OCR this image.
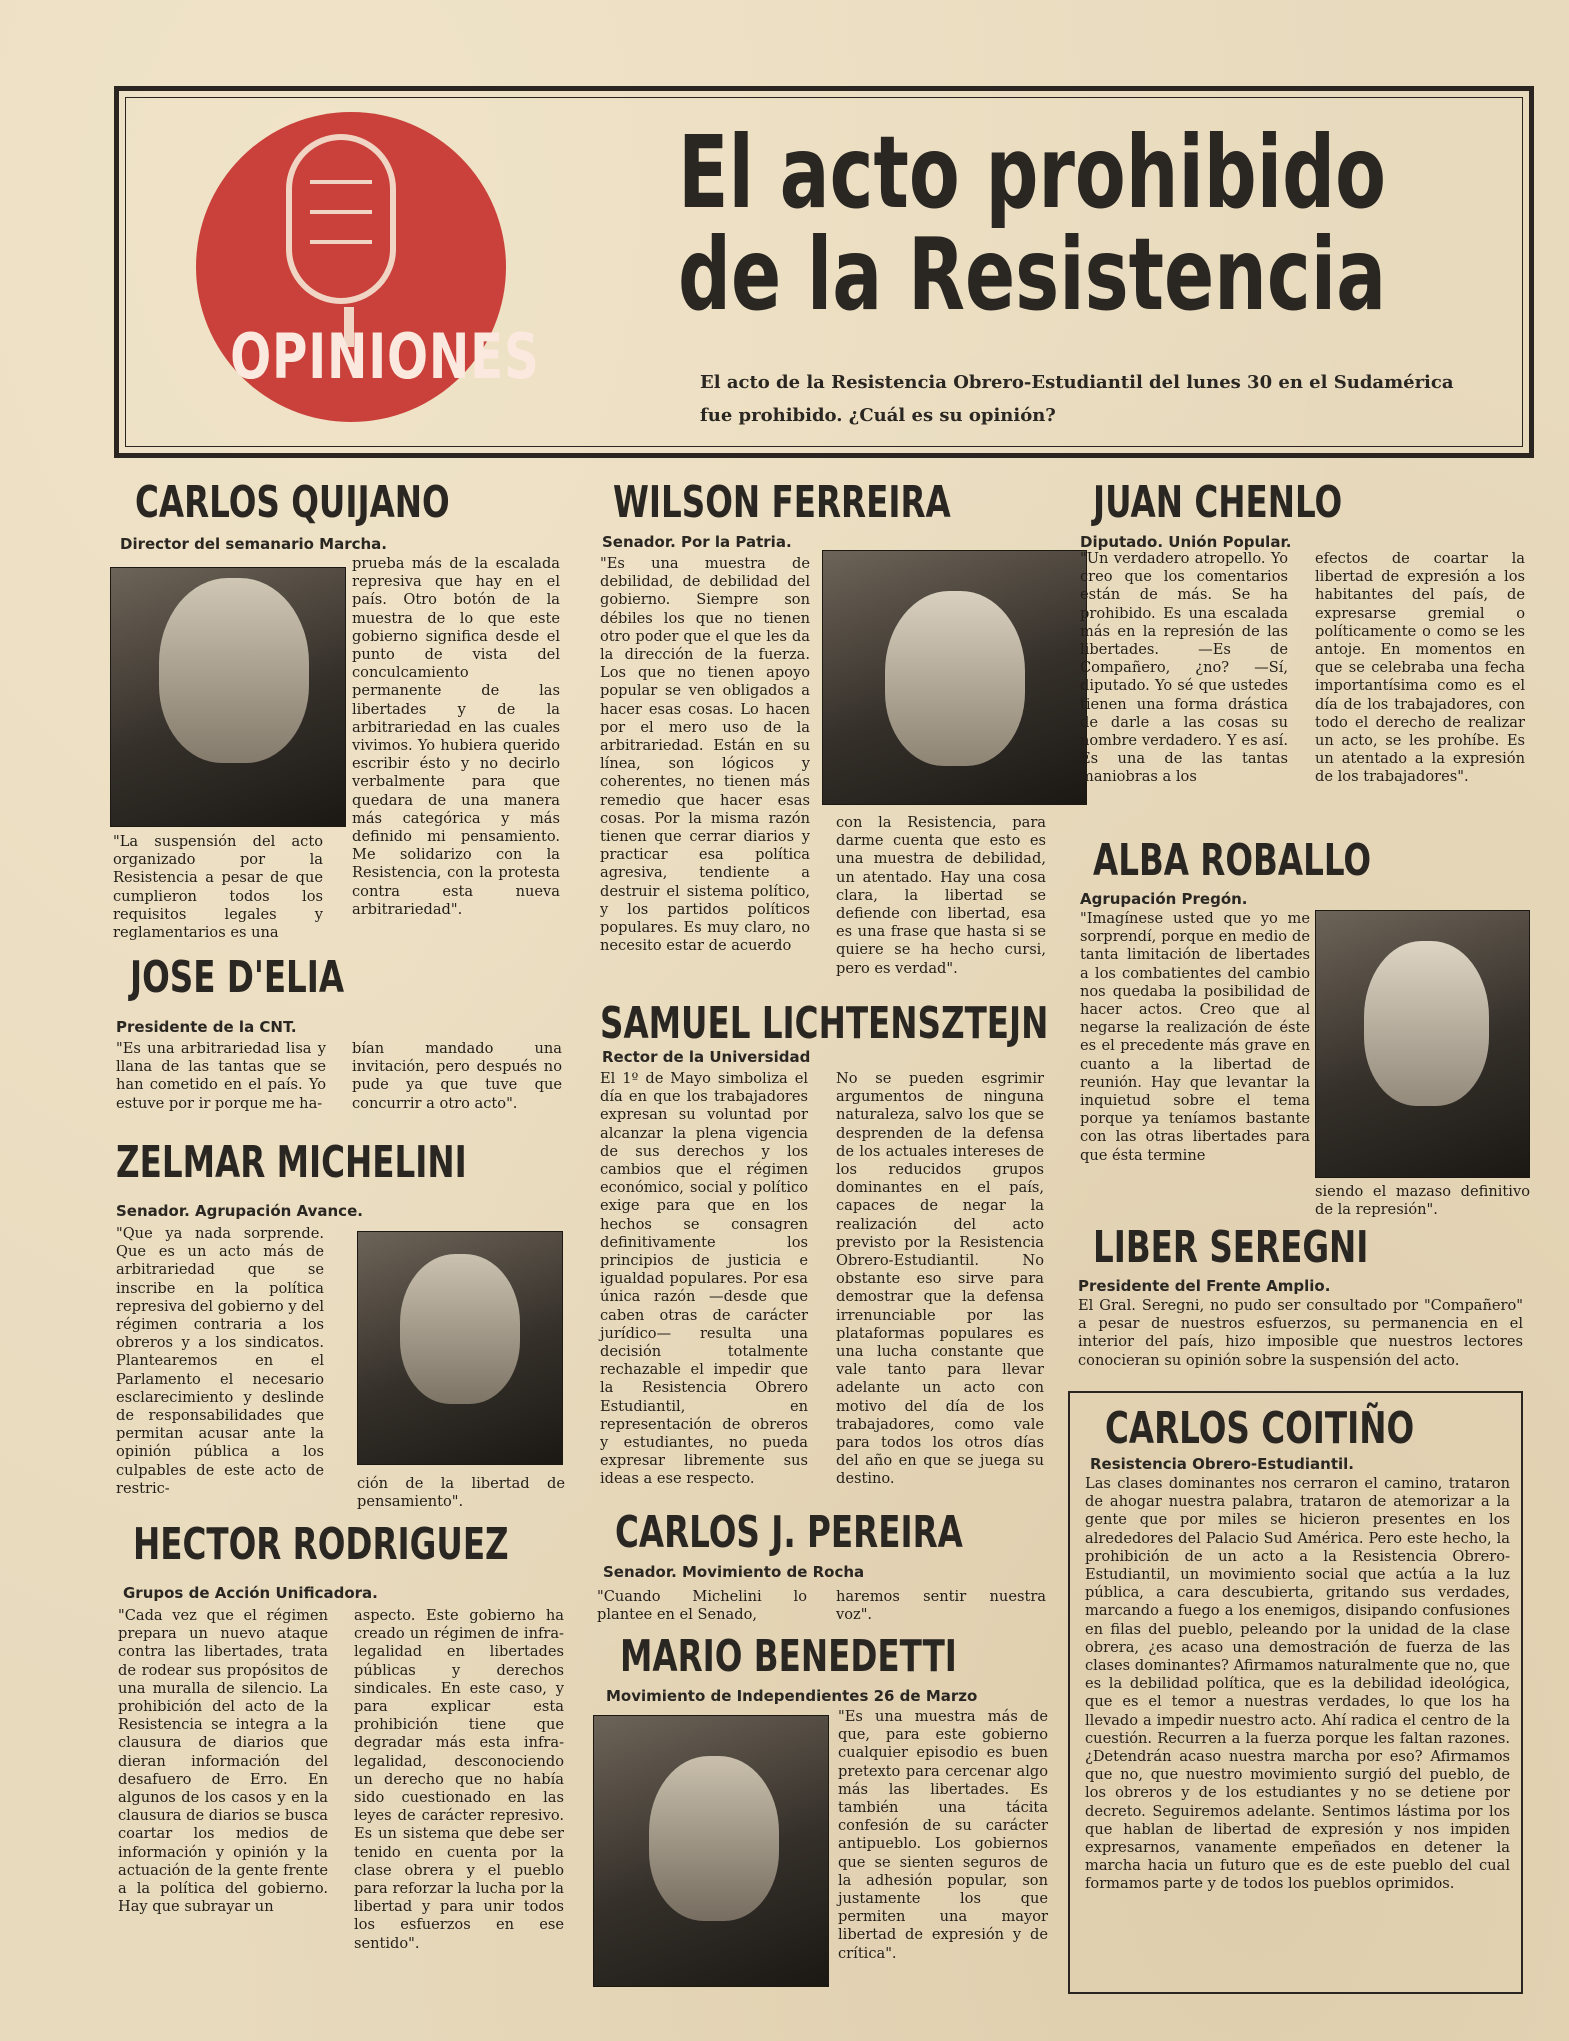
OPINIONES
El acto prohibido
de la Resistencia
El acto de la Resistencia Obrero-Estudiantil del lunes 30 en el Sudamérica fue prohibido. ¿Cuál es su opinión?
CARLOS QUIJANO
Director del semanario Marcha.
"La suspensión del acto organizado por la Resistencia a pesar de que cumplieron todos los requisitos legales y reglamentarios es una
prueba más de la escalada represiva que hay en el país. Otro botón de la muestra de lo que este gobierno significa desde el punto de vista del conculcamiento permanente de las libertades y de la arbitrariedad en las cuales vivimos. Yo hubiera querido escribir ésto y no decirlo verbalmente para que quedara de una manera más categórica y más definido mi pensamiento. Me solidarizo con la Resistencia, con la protesta contra esta nueva arbitrariedad".
JOSE D'ELIA
Presidente de la CNT.
"Es una arbitrariedad lisa y llana de las tantas que se han cometido en el país. Yo estuve por ir porque me ha-
bían mandado una invitación, pero después no pude ya que tuve que concurrir a otro acto".
ZELMAR MICHELINI
Senador. Agrupación Avance.
"Que ya nada sorprende. Que es un acto más de arbitrariedad que se inscribe en la política represiva del gobierno y del régimen contraria a los obreros y a los sindicatos. Plantearemos en el Parlamento el necesario esclarecimiento y deslinde de responsabilidades que permitan acusar ante la opinión pública a los culpables de este acto de restric-	ción de la libertad de pensamiento".
HECTOR RODRIGUEZ
Grupos de Acción Unificadora.
"Cada vez que el régimen prepara un nuevo ataque contra las libertades, trata de rodear sus propósitos de una muralla de silencio. La prohibición del acto de la Resistencia se integra a la clausura de diarios que dieran información del desafuero de Erro. En algunos de los casos y en la clausura de diarios se busca coartar los medios de información y opinión y la actuación de la gente frente a la política del gobierno. Hay que subrayar un
aspecto. Este gobierno ha creado un régimen de infra-legalidad en libertades públicas y derechos sindicales. En este caso, y para explicar esta prohibición tiene que degradar más esta infra-legalidad, desconociendo un derecho que no había sido cuestionado en las leyes de carácter represivo. Es un sistema que debe ser tenido en cuenta por la clase obrera y el pueblo para reforzar la lucha por la libertad y para unir todos los esfuerzos en ese sentido".
WILSON FERREIRA
Senador. Por la Patria.
"Es una muestra de debilidad, de debilidad del gobierno. Siempre son débiles los que no tienen otro poder que el que les da la dirección de la fuerza. Los que no tienen apoyo popular se ven obligados a hacer esas cosas. Lo hacen por el mero uso de la arbitrariedad. Están en su línea, son lógicos y coherentes, no tienen más remedio que hacer esas cosas. Por la misma razón tienen que cerrar diarios y practicar esa política agresiva, tendiente a destruir el sistema político, y los partidos políticos populares. Es muy claro, no necesito estar de acuerdo
con la Resistencia, para darme cuenta que esto es una muestra de debilidad, un atentado. Hay una cosa clara, la libertad se defiende con libertad, esa es una frase que hasta si se quiere se ha hecho cursi, pero es verdad".
SAMUEL LICHTENSZTEJN
Rector de la Universidad
El 1º de Mayo simboliza el día en que los trabajadores expresan su voluntad por alcanzar la plena vigencia de sus derechos y los cambios que el régimen económico, social y político exige para que en los hechos se consagren definitivamente los principios de justicia e igualdad populares. Por esa única razón —desde que caben otras de carácter jurídico— resulta una decisión totalmente rechazable el impedir que la Resistencia Obrero Estudiantil, en representación de obreros y estudiantes, no pueda expresar libremente sus ideas a ese respecto.
No se pueden esgrimir argumentos de ninguna naturaleza, salvo los que se desprenden de la defensa de los actuales intereses de los reducidos grupos dominantes en el país, capaces de negar la realización del acto previsto por la Resistencia Obrero-Estudiantil. No obstante eso sirve para demostrar que la defensa irrenunciable por las plataformas populares es una lucha constante que vale tanto para llevar adelante un acto con motivo del día de los trabajadores, como vale para todos los otros días del año en que se juega su destino.
CARLOS J. PEREIRA
Senador. Movimiento de Rocha
"Cuando Michelini lo plantee en el Senado,
haremos sentir nuestra voz".
MARIO BENEDETTI
Movimiento de Independientes 26 de Marzo
"Es una muestra más de que, para este gobierno cualquier episodio es buen pretexto para cercenar algo más las libertades. Es también una tácita confesión de su carácter antipueblo. Los gobiernos que se sienten seguros de la adhesión popular, son justamente los que permiten una mayor libertad de expresión y de crítica".
JUAN CHENLO
Diputado. Unión Popular.
"Un verdadero atropello. Yo creo que los comentarios están de más. Se ha prohibido. Es una escalada más en la represión de las libertades. —Es de Compañero, ¿no? —Sí, diputado. Yo sé que ustedes tienen una forma drástica de darle a las cosas su nombre verdadero. Y es así. Es una de las tantas maniobras a los
efectos de coartar la libertad de expresión a los habitantes del país, de expresarse gremial o políticamente o como se les antoje. En momentos en que se celebraba una fecha importantísima como es el día de los trabajadores, con todo el derecho de realizar un acto, se les prohíbe. Es un atentado a la expresión de los trabajadores".
ALBA ROBALLO
Agrupación Pregón.
"Imagínese usted que yo me sorprendí, porque en medio de tanta limitación de libertades a los combatientes del cambio nos quedaba la posibilidad de hacer actos. Creo que al negarse la realización de éste es el precedente más grave en cuanto a la libertad de reunión. Hay que levantar la inquietud sobre el tema porque ya teníamos bastante con las otras libertades para que ésta termine
siendo el mazaso definitivo de la represión".
LIBER SEREGNI
Presidente del Frente Amplio.
El Gral. Seregni, no pudo ser consultado por "Compañero" a pesar de nuestros esfuerzos, su permanencia en el interior del país, hizo imposible que nuestros lectores conocieran su opinión sobre la suspensión del acto.
CARLOS COITIÑO
Resistencia Obrero-Estudiantil.
Las clases dominantes nos cerraron el camino, trataron de ahogar nuestra palabra, trataron de atemorizar a la gente que por miles se hicieron presentes en los alrededores del Palacio Sud América. Pero este hecho, la prohibición de un acto a la Resistencia Obrero-Estudiantil, un movimiento social que actúa a la luz pública, a cara descubierta, gritando sus verdades, marcando a fuego a los enemigos, disipando confusiones en filas del pueblo, peleando por la unidad de la clase obrera, ¿es acaso una demostración de fuerza de las clases dominantes? Afirmamos naturalmente que no, que es la debilidad política, que es la debilidad ideológica, que es el temor a nuestras verdades, lo que los ha llevado a impedir nuestro acto. Ahí radica el centro de la cuestión. Recurren a la fuerza porque les faltan razones. ¿Detendrán acaso nuestra marcha por eso? Afirmamos que no, que nuestro movimiento surgió del pueblo, de los obreros y de los estudiantes y no se detiene por decreto. Seguiremos adelante. Sentimos lástima por los que hablan de libertad de expresión y nos impiden expresarnos, vanamente empeñados en detener la marcha hacia un futuro que es de este pueblo del cual formamos parte y de todos los pueblos oprimidos.
